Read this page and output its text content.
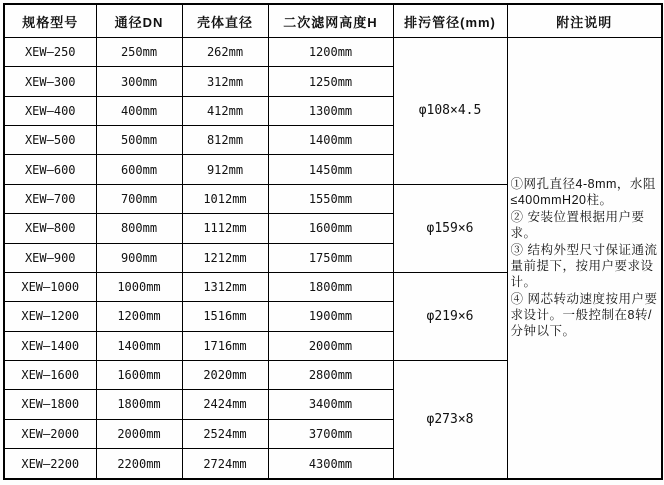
规格型号	通径DN	壳体直径	二次滤网高度H	排污管径(mm)	附注说明
XEW—250	250mm	262mm	1200mm	φ108×4.5	①网孔直径4-8mm，水阻≤400mmH20柱。
② 安装位置根据用户要求。
③ 结构外型尺寸保证通流量前提下，按用户要求设计。
④ 网芯转动速度按用户要求设计。一般控制在8转/分钟以下。

XEW—300	300mm	312mm	1250mm		
XEW—400	400mm	412mm	1300mm		
XEW—500	500mm	812mm	1400mm		
XEW—600	600mm	912mm	1450mm		
XEW—700	700mm	1012mm	1550mm	φ159×6	
XEW—800	800mm	1112mm	1600mm		
XEW—900	900mm	1212mm	1750mm		
XEW—1000	1000mm	1312mm	1800mm	φ219×6	
XEW—1200	1200mm	1516mm	1900mm		
XEW—1400	1400mm	1716mm	2000mm		
XEW—1600	1600mm	2020mm	2800mm	φ273×8	
XEW—1800	1800mm	2424mm	3400mm		
XEW—2000	2000mm	2524mm	3700mm		
XEW—2200	2200mm	2724mm	4300mm		
